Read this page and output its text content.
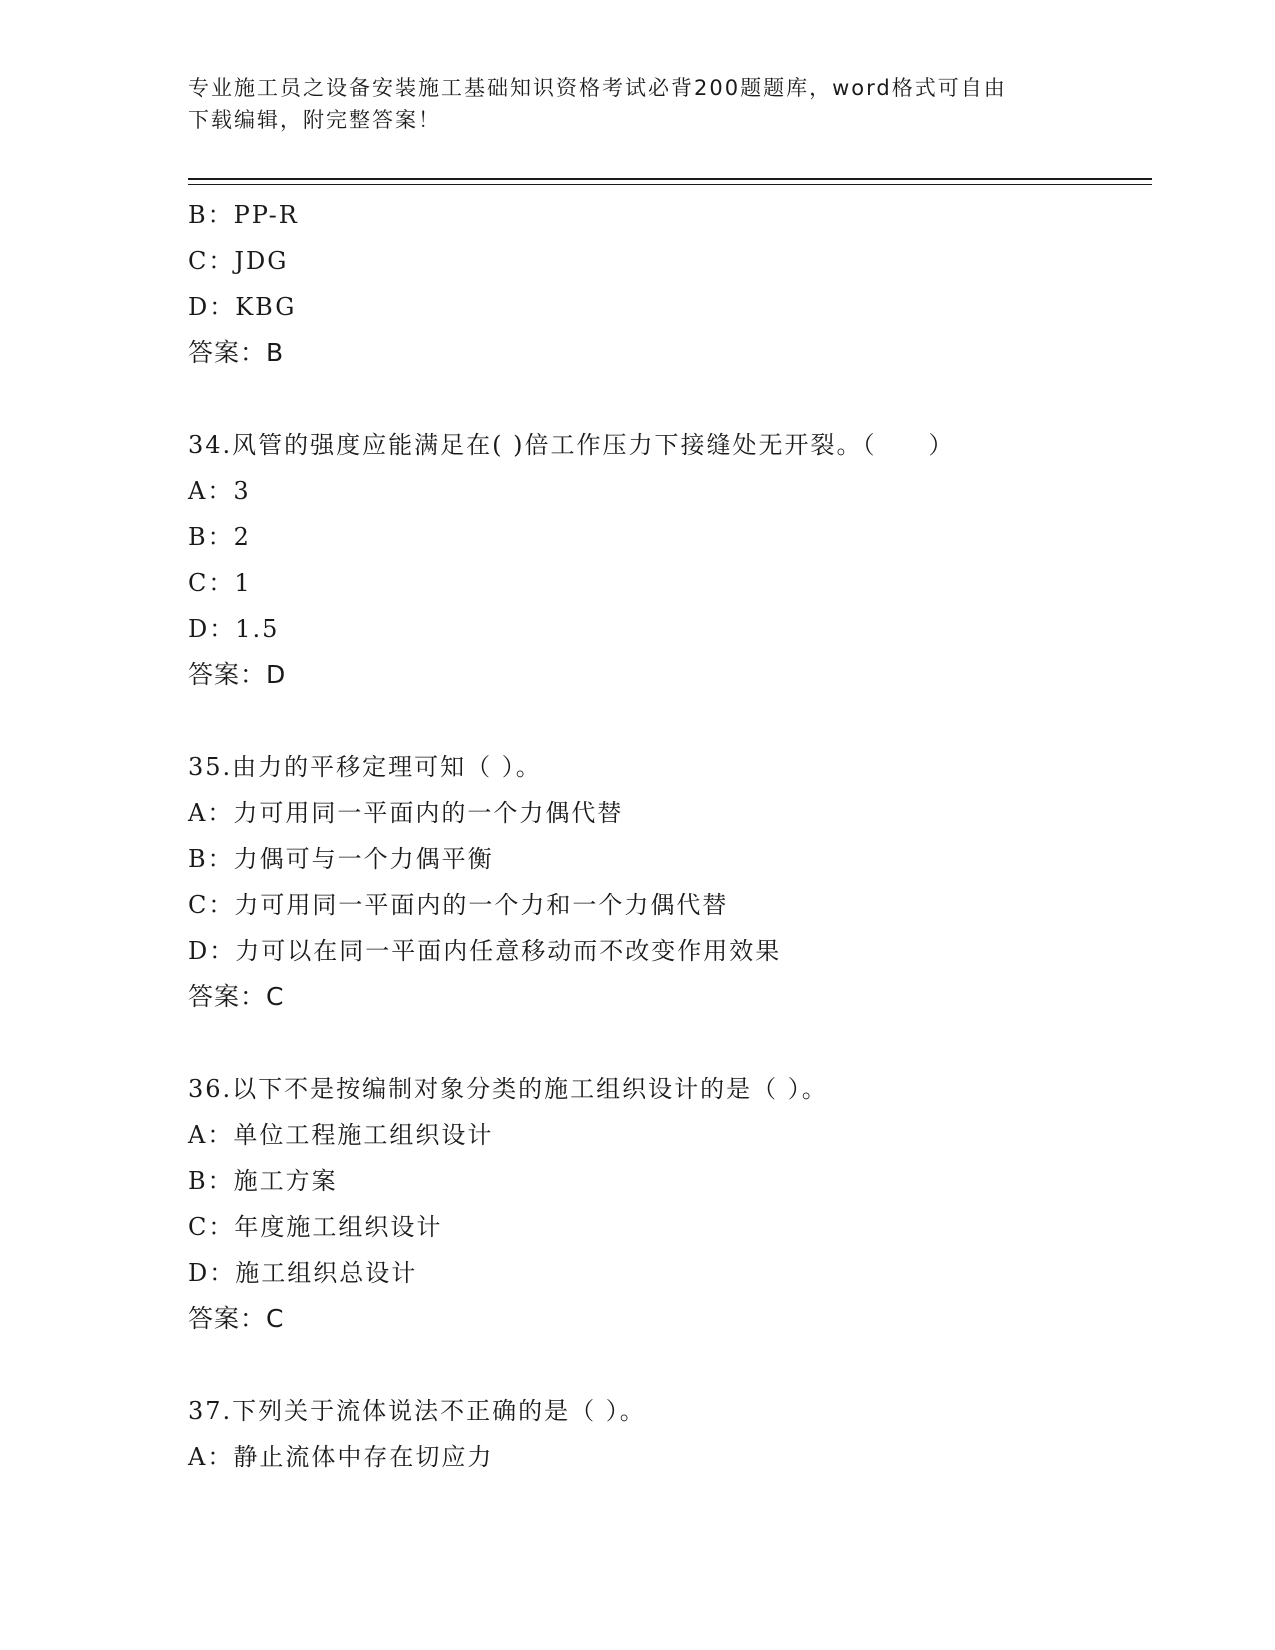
专业施工员之设备安装施工基础知识资格考试必背200题题库，word格式可自由
下载编辑，附完整答案！
B：PP-R
C：JDG
D：KBG
答案：B
34.风管的强度应能满足在( )倍工作压力下接缝处无开裂。（　　）
A：3
B：2
C：1
D：1.5
答案：D
35.由力的平移定理可知（ ）。
A：力可用同一平面内的一个力偶代替
B：力偶可与一个力偶平衡
C：力可用同一平面内的一个力和一个力偶代替
D：力可以在同一平面内任意移动而不改变作用效果
答案：C
36.以下不是按编制对象分类的施工组织设计的是（ ）。
A：单位工程施工组织设计
B：施工方案
C：年度施工组织设计
D：施工组织总设计
答案：C
37.下列关于流体说法不正确的是（ ）。
A：静止流体中存在切应力
